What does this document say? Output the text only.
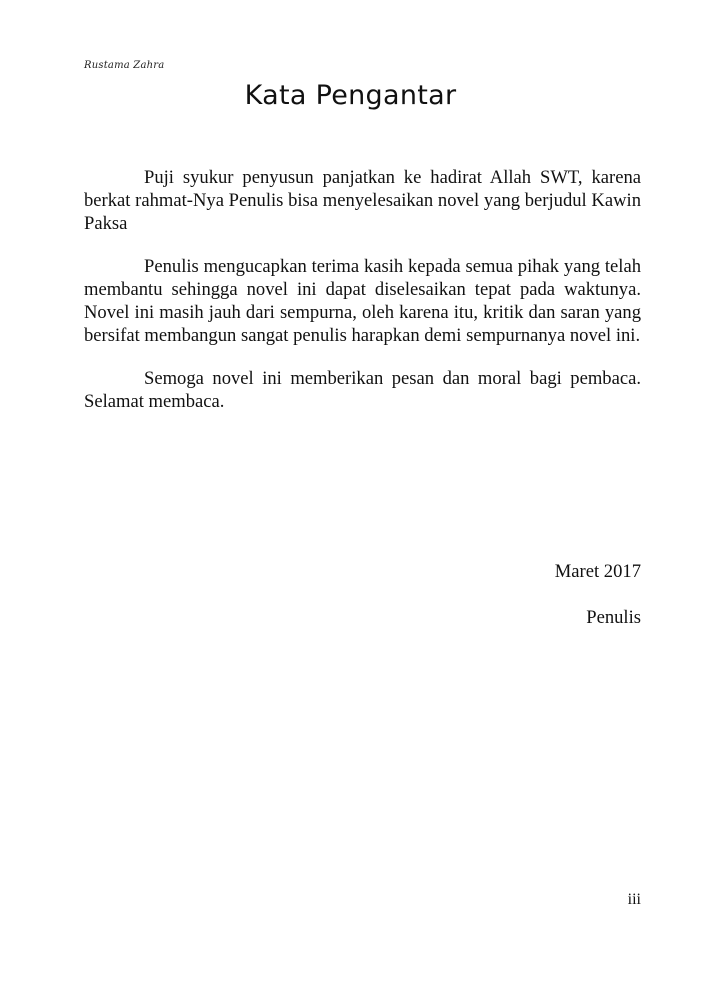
Rustama Zahra
Kata Pengantar

Puji syukur penyusun panjatkan ke hadirat Allah SWT, karena berkat rahmat-Nya Penulis bisa menyelesaikan novel yang berjudul Kawin Paksa

Penulis mengucapkan terima kasih kepada semua pihak yang telah membantu sehingga novel ini dapat diselesaikan tepat pada waktunya. Novel ini masih jauh dari sempurna, oleh karena itu, kritik dan saran yang bersifat membangun sangat penulis harapkan demi sempurnanya novel ini.

Semoga novel ini memberikan pesan dan moral bagi pembaca. Selamat membaca.

Maret 2017
Penulis
iii
